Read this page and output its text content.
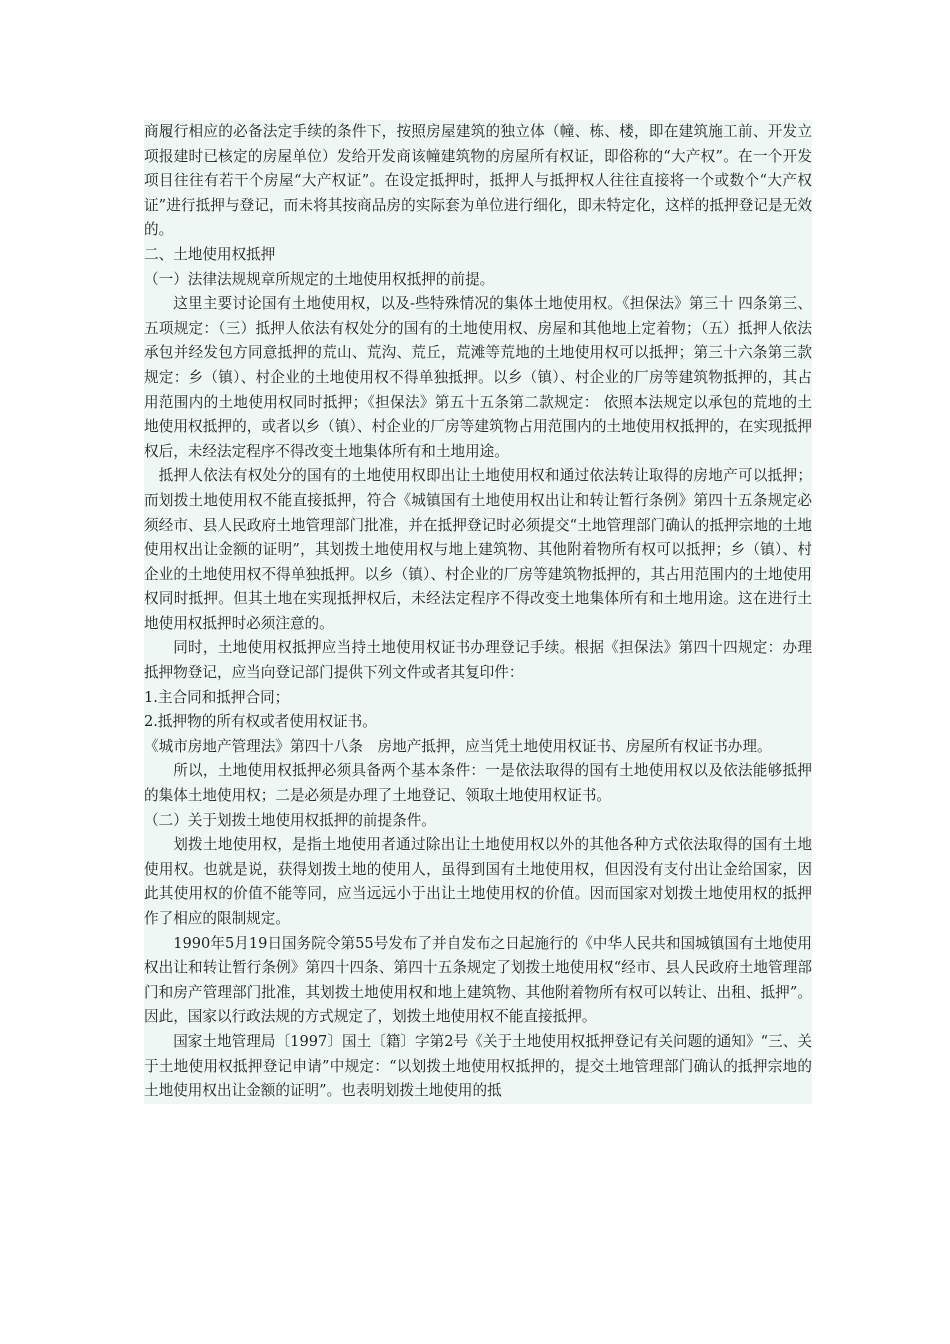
商履行相应的必备法定手续的条件下，按照房屋建筑的独立体（幢、栋、楼，即在建筑施工前、开发立项报建时已核定的房屋单位）发给开发商该幢建筑物的房屋所有权证，即俗称的“大产权”。在一个开发项目往往有若干个房屋“大产权证”。在设定抵押时，抵押人与抵押权人往往直接将一个或数个“大产权证”进行抵押与登记，而未将其按商品房的实际套为单位进行细化，即未特定化，这样的抵押登记是无效的。

二、土地使用权抵押

（一）法律法规规章所规定的土地使用权抵押的前提。

这里主要讨论国有土地使用权，以及-些特殊情况的集体土地使用权。《担保法》第三十 四条第三、五项规定：（三）抵押人依法有权处分的国有的土地使用权、房屋和其他地上定着物；（五）抵押人依法承包并经发包方同意抵押的荒山、荒沟、荒丘，荒滩等荒地的土地使用权可以抵押；第三十六条第三款规定：乡（镇）、村企业的土地使用权不得单独抵押。以乡（镇）、村企业的厂房等建筑物抵押的，其占用范围内的土地使用权同时抵押；《担保法》第五十五条第二款规定： 依照本法规定以承包的荒地的土地使用权抵押的，或者以乡（镇）、村企业的厂房等建筑物占用范围内的土地使用权抵押的，在实现抵押权后，未经法定程序不得改变土地集体所有和土地用途。

抵押人依法有权处分的国有的土地使用权即出让土地使用权和通过依法转让取得的房地产可以抵押；而划拨土地使用权不能直接抵押，符合《城镇国有土地使用权出让和转让暂行条例》第四十五条规定必须经市、县人民政府土地管理部门批准，并在抵押登记时必须提交“土地管理部门确认的抵押宗地的土地使用权出让金额的证明”，其划拨土地使用权与地上建筑物、其他附着物所有权可以抵押；乡（镇）、村企业的土地使用权不得单独抵押。以乡（镇）、村企业的厂房等建筑物抵押的，其占用范围内的土地使用权同时抵押。但其土地在实现抵押权后，未经法定程序不得改变土地集体所有和土地用途。这在进行土地使用权抵押时必须注意的。

同时，土地使用权抵押应当持土地使用权证书办理登记手续。根据《担保法》第四十四规定：办理抵押物登记，应当向登记部门提供下列文件或者其复印件：

1.主合同和抵押合同；

2.抵押物的所有权或者使用权证书。

《城市房地产管理法》第四十八条　房地产抵押，应当凭土地使用权证书、房屋所有权证书办理。

所以，土地使用权抵押必须具备两个基本条件：一是依法取得的国有土地使用权以及依法能够抵押的集体土地使用权；二是必须是办理了土地登记、领取土地使用权证书。

（二）关于划拨土地使用权抵押的前提条件。

划拨土地使用权，是指土地使用者通过除出让土地使用权以外的其他各种方式依法取得的国有土地使用权。也就是说，获得划拨土地的使用人，虽得到国有土地使用权，但因没有支付出让金给国家，因此其使用权的价值不能等同，应当远远小于出让土地使用权的价值。因而国家对划拨土地使用权的抵押作了相应的限制规定。

1990年5月19日国务院令第55号发布了并自发布之日起施行的《中华人民共和国城镇国有土地使用权出让和转让暂行条例》第四十四条、第四十五条规定了划拨土地使用权“经市、县人民政府土地管理部门和房产管理部门批准，其划拨土地使用权和地上建筑物、其他附着物所有权可以转让、出租、抵押”。因此，国家以行政法规的方式规定了，划拨土地使用权不能直接抵押。

国家土地管理局〔1997〕国土〔籍〕字第2号《关于土地使用权抵押登记有关问题的通知》“三、关于土地使用权抵押登记申请”中规定：“以划拨土地使用权抵押的，提交土地管理部门确认的抵押宗地的土地使用权出让金额的证明”。也表明划拨土地使用的抵
